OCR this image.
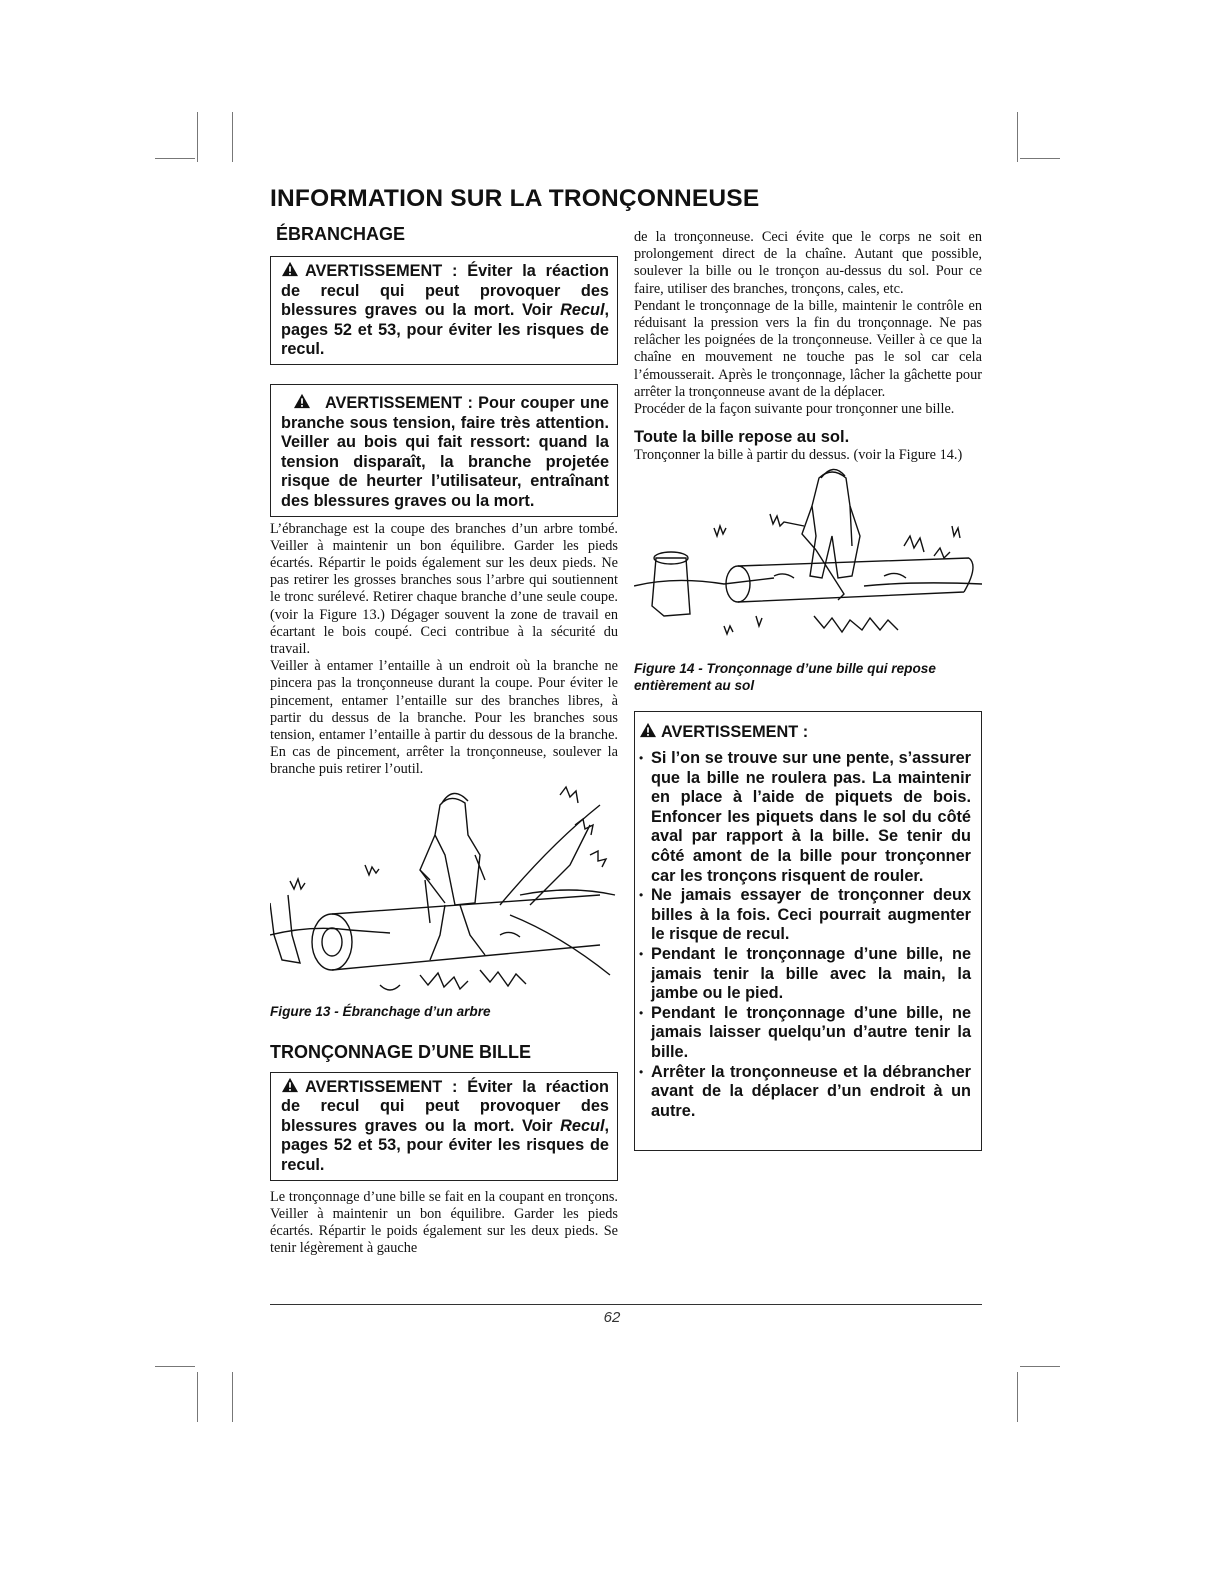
INFORMATION SUR LA TRONÇONNEUSE
ÉBRANCHAGE
AVERTISSEMENT : Éviter la réaction de recul qui peut provoquer des blessures graves ou la mort. Voir Recul, pages 52 et 53, pour éviter les risques de recul.
AVERTISSEMENT : Pour couper une branche sous tension, faire très attention. Veiller au bois qui fait ressort: quand la tension disparaît, la branche projetée risque de heurter l’utilisateur, entraînant des blessures graves ou la mort.

L’ébranchage est la coupe des branches d’un arbre tombé. Veiller à maintenir un bon équilibre. Garder les pieds écartés. Répartir le poids également sur les deux pieds. Ne pas retirer les grosses branches sous l’arbre qui soutiennent le tronc surélevé. Retirer chaque branche d’une seule coupe. (voir la Figure 13.) Dégager souvent la zone de travail en écartant le bois coupé. Ceci contribue à la sécurité du travail.

Veiller à entamer l’entaille à un endroit où la branche ne pincera pas la tronçonneuse durant la coupe. Pour éviter le pincement, entamer l’entaille sur des branches libres, à partir du dessus de la branche. Pour les branches sous tension, entamer l’entaille à partir du dessous de la branche. En cas de pincement, arrêter la tronçonneuse, soulever la branche puis retirer l’outil.

Figure 13 - Ébranchage d’un arbre

TRONÇONNAGE D’UNE BILLE
AVERTISSEMENT : Éviter la réaction de recul qui peut provoquer des blessures graves ou la mort. Voir Recul, pages 52 et 53, pour éviter les risques de recul.

Le tronçonnage d’une bille se fait en la coupant en tronçons. Veiller à maintenir un bon équilibre. Garder les pieds écartés. Répartir le poids également sur les deux pieds. Se tenir légèrement à gauche

de la tronçonneuse. Ceci évite que le corps ne soit en prolongement direct de la chaîne. Autant que possible, soulever la bille ou le tronçon au-dessus du sol. Pour ce faire, utiliser des branches, tronçons, cales, etc.

Pendant le tronçonnage de la bille, maintenir le contrôle en réduisant la pression vers la fin du tronçonnage. Ne pas relâcher les poignées de la tronçonneuse. Veiller à ce que la chaîne en mouvement ne touche pas le sol car cela l’émousserait. Après le tronçonnage, lâcher la gâchette pour arrêter la tronçonneuse avant de la déplacer.

Procéder de la façon suivante pour tronçonner une bille.

Toute la bille repose au sol.

Tronçonner la bille à partir du dessus. (voir la Figure 14.)

Figure 14 - Tronçonnage d’une bille qui repose entièrement au sol

AVERTISSEMENT :
• Si l’on se trouve sur une pente, s’assurer que la bille ne roulera pas. La maintenir en place à l’aide de piquets de bois. Enfoncer les piquets dans le sol du côté aval par rapport à la bille. Se tenir du côté amont de la bille pour tronçonner car les tronçons risquent de rouler.
• Ne jamais essayer de tronçonner deux billes à la fois. Ceci pourrait augmenter le risque de recul.
• Pendant le tronçonnage d’une bille, ne jamais tenir la bille avec la main, la jambe ou le pied.
• Pendant le tronçonnage d’une bille, ne jamais laisser quelqu’un d’autre tenir la bille.
• Arrêter la tronçonneuse et la débrancher avant de la déplacer d’un endroit à un autre.
62
